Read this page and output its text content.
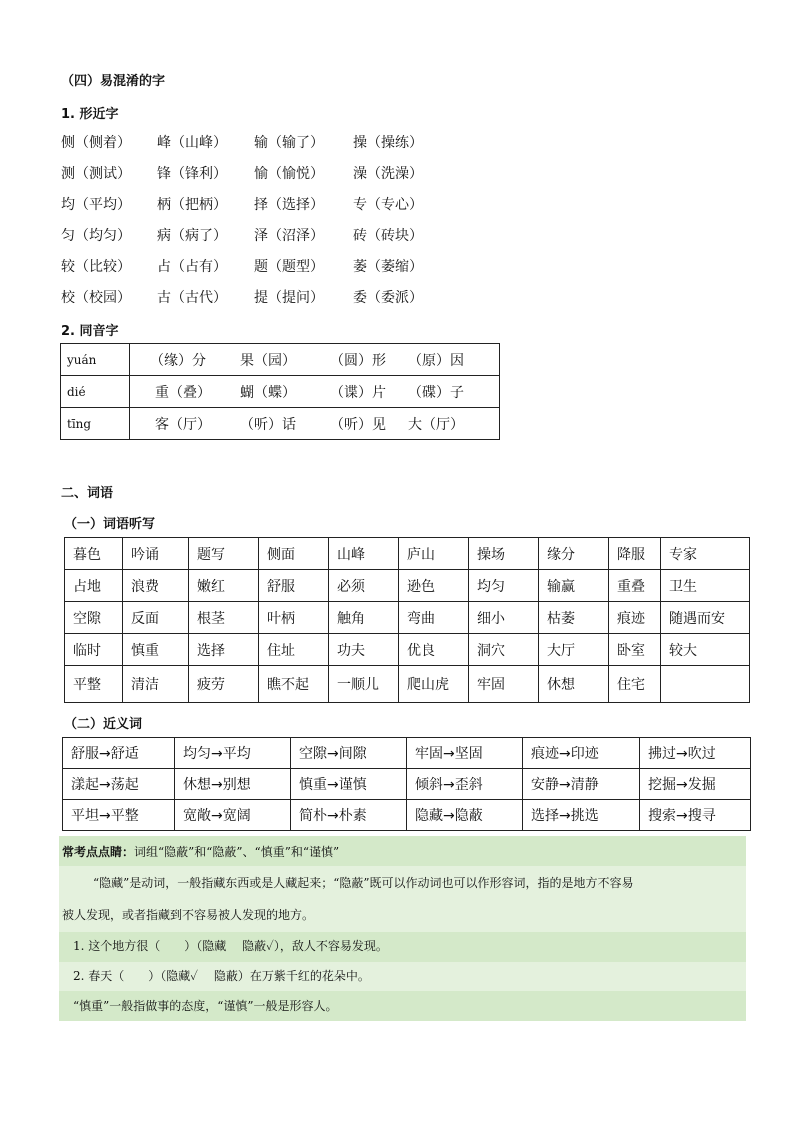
（四）易混淆的字
1. 形近字
侧（侧着） 峰（山峰） 输（输了） 操（操练）
测（测试） 锋（锋利） 愉（愉悦） 澡（洗澡）
均（平均） 柄（把柄） 择（选择） 专（专心）
匀（均匀） 病（病了） 泽（沼泽） 砖（砖块）
较（比较） 占（占有） 题（题型） 萎（萎缩）
校（校园） 古（古代） 提（提问） 委（委派）
2. 同音字
yuán	（缘）分 果（园） （圆）形 （原）因
dié	重（叠） 蝴（蝶） （谍）片 （碟）子
tīng	客（厅） （听）话 （听）见 大（厅）
二、词语
（一）词语听写
暮色	吟诵	题写	侧面	山峰	庐山	操场	缘分	降服	专家
占地	浪费	嫩红	舒服	必须	逊色	均匀	输赢	重叠	卫生
空隙	反面	根茎	叶柄	触角	弯曲	细小	枯萎	痕迹	随遇而安
临时	慎重	选择	住址	功夫	优良	洞穴	大厅	卧室	较大
平整	清洁	疲劳	瞧不起	一顺儿	爬山虎	牢固	休想	住宅	
（二）近义词
舒服→舒适	均匀→平均	空隙→间隙	牢固→坚固	痕迹→印迹	拂过→吹过
漾起→荡起	休想→别想	慎重→谨慎	倾斜→歪斜	安静→清静	挖掘→发掘
平坦→平整	宽敞→宽阔	简朴→朴素	隐藏→隐蔽	选择→挑选	搜索→搜寻
常考点点睛：词组“隐蔽”和“隐蔽”、“慎重”和“谨慎”
“隐藏”是动词，一般指藏东西或是人藏起来；“隐蔽”既可以作动词也可以作形容词，指的是地方不容易
被人发现，或者指藏到不容易被人发现的地方。
1. 这个地方很（　　）（隐藏　 隐蔽✓），敌人不容易发现。
2. 春天（　　）（隐藏✓　 隐蔽）在万紫千红的花朵中。
“慎重”一般指做事的态度，“谨慎”一般是形容人。
